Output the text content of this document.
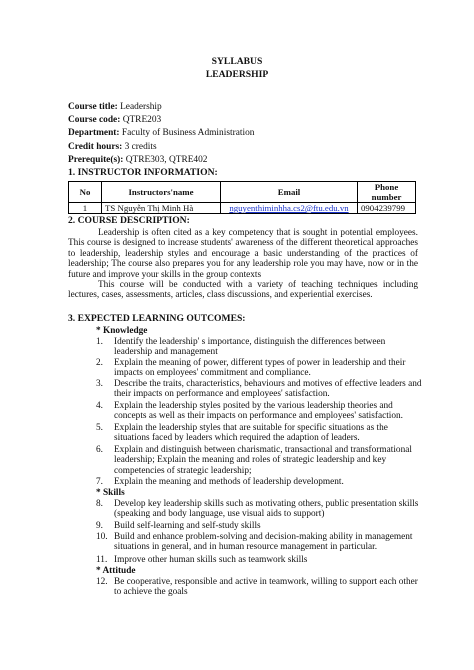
SYLLABUS
LEADERSHIP
Course title: Leadership
Course code: QTRE203
Department: Faculty of Business Administration
Credit hours: 3 credits
Prerequite(s): QTRE303, QTRE402
1. INSTRUCTOR INFORMATION:
No	Instructors'name	Email	Phone number
1	TS Nguyễn Thị Minh Hà	nguyenthiminhha.cs2@ftu.edu.vn	0904239799
2. COURSE DESCRIPTION:
Leadership is often cited as a key competency that is sought in potential employees. This course is designed to increase students' awareness of the different theoretical approaches to leadership, leadership styles and encourage a basic understanding of the practices of leadership; The course also prepares you for any leadership role you may have, now or in the future and improve your skills in the group contexts
This course will be conducted with a variety of teaching techniques including lectures, cases, assessments, articles, class discussions, and experiential exercises.
3. EXPECTED LEARNING OUTCOMES:
* Knowledge
1.	Identify the leadership' s importance, distinguish the differences between leadership and management
2.	Explain the meaning of power, different types of power in leadership and their impacts on employees' commitment and compliance.
3.	Describe the traits, characteristics, behaviours and motives of effective leaders and their impacts on performance and employees' satisfaction.
4.	Explain the leadership styles posited by the various leadership theories and concepts as well as their impacts on performance and employees' satisfaction.
5.	Explain the leadership styles that are suitable for specific situations as the situations faced by leaders which required the adaption of leaders.
6.	Explain and distinguish between charismatic, transactional and transformational leadership; Explain the meaning and roles of strategic leadership and key competencies of strategic leadership;
7.	Explain the meaning and methods of leadership development.
* Skills
8.	Develop key leadership skills such as motivating others, public presentation skills (speaking and body language, use visual aids to support)
9.	Build self-learning and self-study skills
10. Build and enhance problem-solving and decision-making ability in management situations in general, and in human resource management in particular.
11. Improve other human skills such as teamwork skills
* Attitude
12. Be cooperative, responsible and active in teamwork, willing to support each other to achieve the goals
